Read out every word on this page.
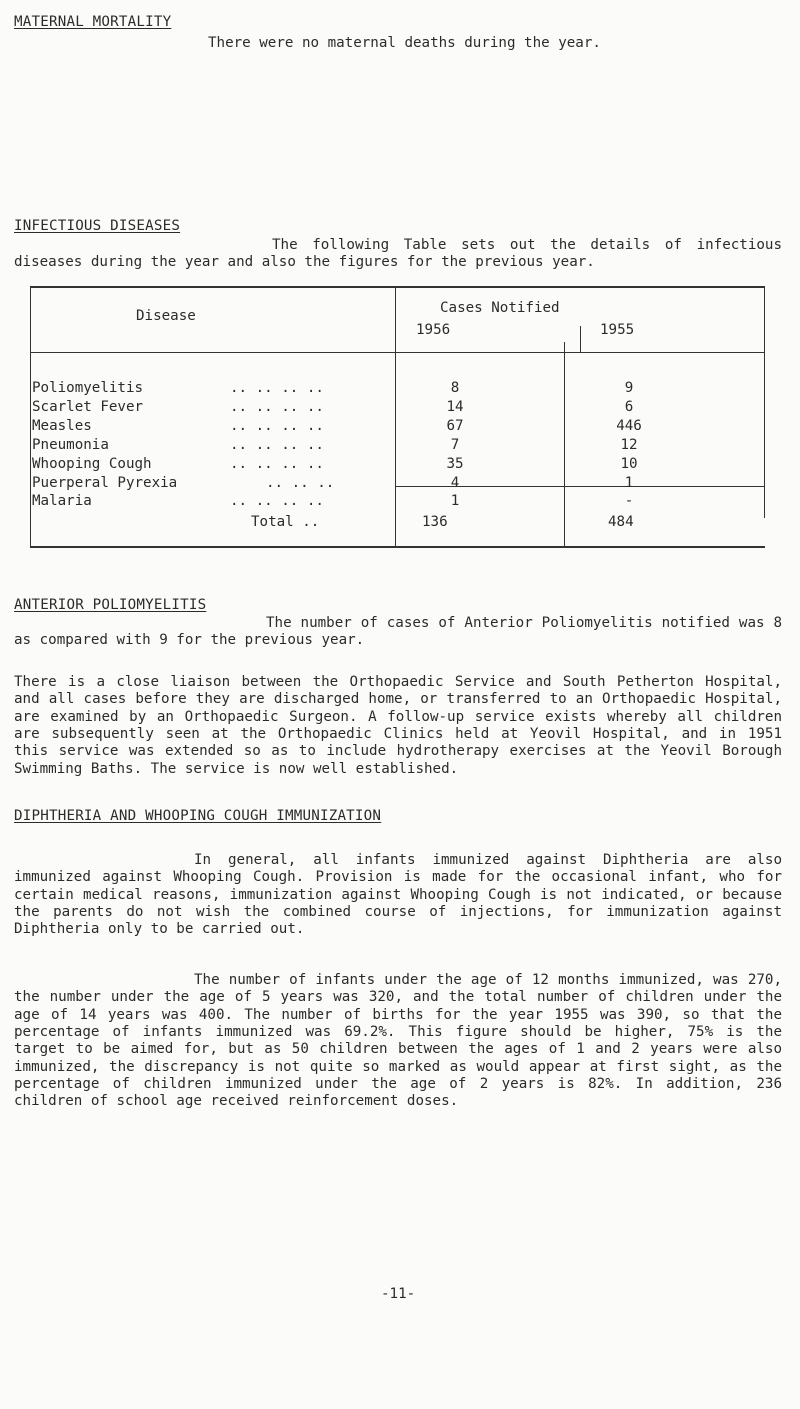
MATERNAL MORTALITY
There were no maternal deaths during the year.
INFECTIOUS DISEASES
The following Table sets out the details of infectious diseases during the year and also the figures for the previous year.
Disease	Cases Notified
1956	1955
Poliomyelitis	.. .. .. ..	8	9
Scarlet Fever	.. .. .. ..	14	6
Measles	.. .. .. ..	67	446
Pneumonia	.. .. .. ..	7	12
Whooping Cough	.. .. .. ..	35	10
Puerperal Pyrexia	.. .. ..	4	1
Malaria	.. .. .. ..	1	-
Total ..	136	484
ANTERIOR POLIOMYELITIS
The number of cases of Anterior Poliomyelitis notified was 8 as compared with 9 for the previous year.
There is a close liaison between the Orthopaedic Service and South Petherton Hospital, and all cases before they are discharged home, or transferred to an Orthopaedic Hospital, are examined by an Orthopaedic Surgeon. A follow-up service exists whereby all children are subsequently seen at the Orthopaedic Clinics held at Yeovil Hospital, and in 1951 this service was extended so as to include hydrotherapy exercises at the Yeovil Borough Swimming Baths. The service is now well established.
DIPHTHERIA AND WHOOPING COUGH IMMUNIZATION
In general, all infants immunized against Diphtheria are also immunized against Whooping Cough. Provision is made for the occasional infant, who for certain medical reasons, immunization against Whooping Cough is not indicated, or because the parents do not wish the combined course of injections, for immunization against Diphtheria only to be carried out.
The number of infants under the age of 12 months immunized, was 270, the number under the age of 5 years was 320, and the total number of children under the age of 14 years was 400. The number of births for the year 1955 was 390, so that the percentage of infants immunized was 69.2%. This figure should be higher, 75% is the target to be aimed for, but as 50 children between the ages of 1 and 2 years were also immunized, the discrepancy is not quite so marked as would appear at first sight, as the percentage of children immunized under the age of 2 years is 82%. In addition, 236 children of school age received reinforcement doses.
-11-
